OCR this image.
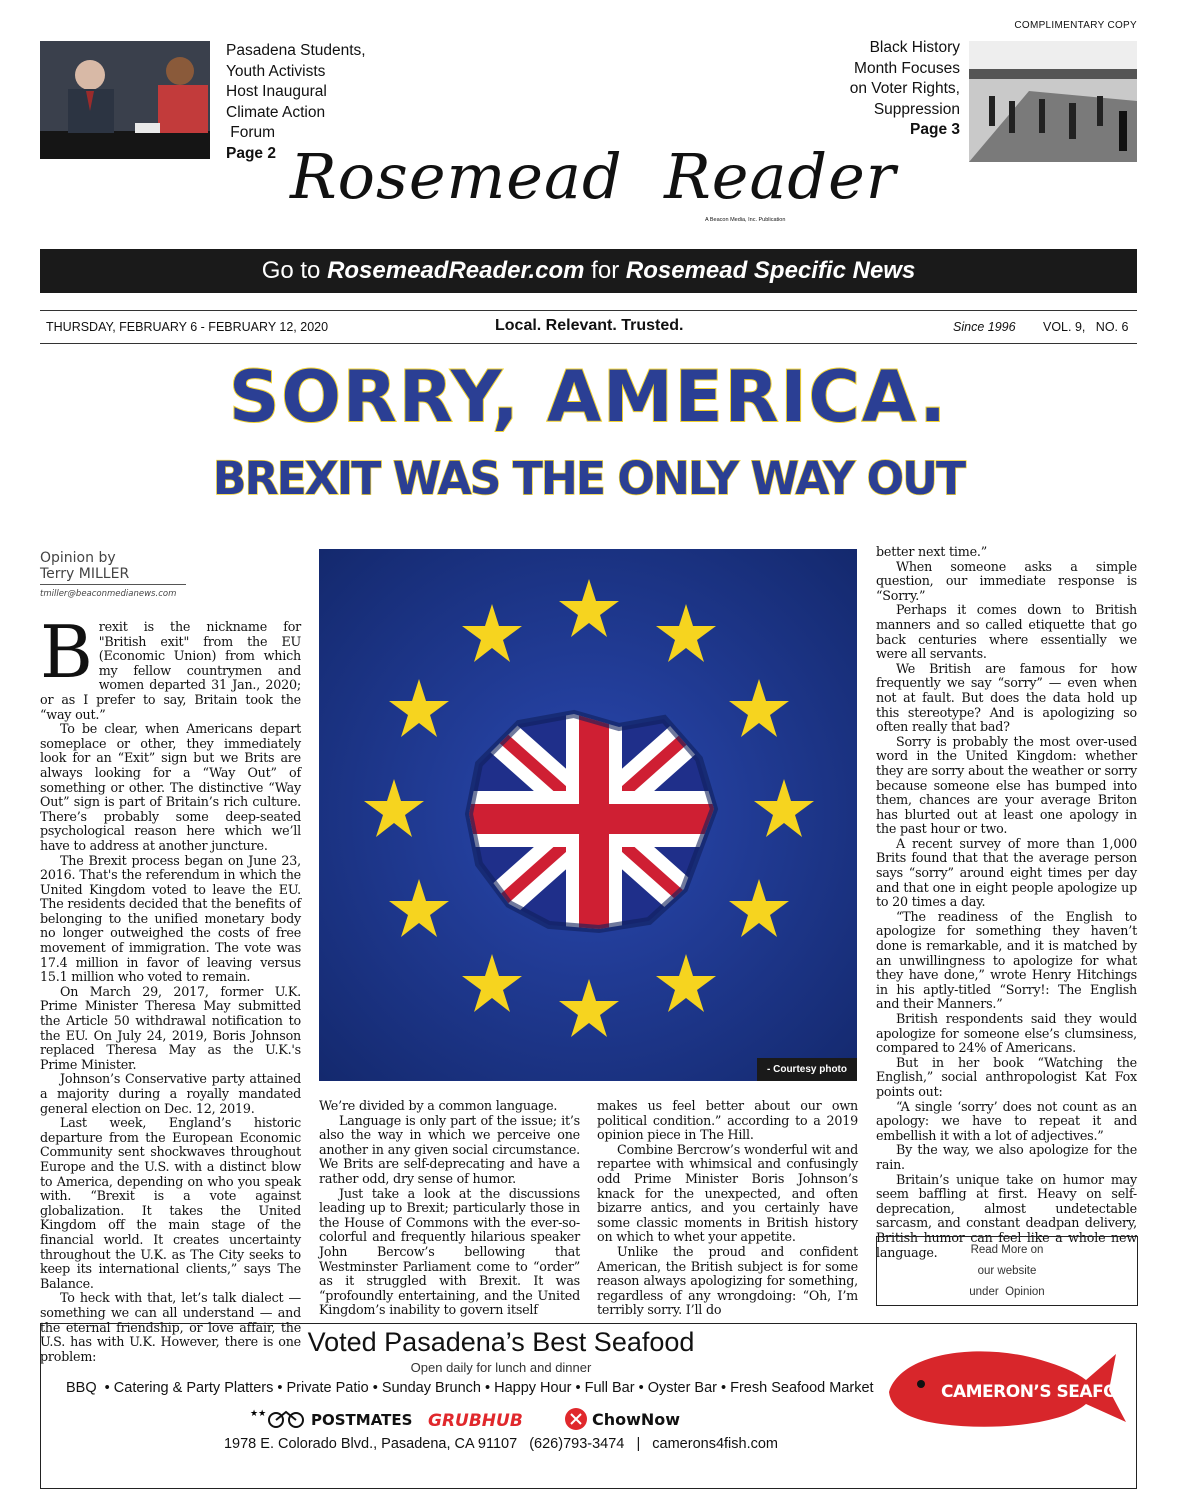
Pasadena Students,
Youth Activists
Host Inaugural
Climate Action
Forum
Page 2
COMPLIMENTARY COPY
Black History
Month Focuses
on Voter Rights,
Suppression
Page 3
Rosemead  Reader
A Beacon Media, Inc. Publication
Go to RosemeadReader.com for Rosemead Specific News
THURSDAY, FEBRUARY 6 - FEBRUARY 12, 2020	Local. Relevant. Trusted.	Since 1996 VOL. 9,   NO. 6
SORRY, AMERICA.
BREXIT WAS THE ONLY WAY OUT
Opinion by
Terry MILLER
tmiller@beaconmedianews.com

Brexit is the nickname for "British exit" from the EU (Economic Union) from which my fellow countrymen and women departed 31 Jan., 2020; or as I prefer to say, Britain took the “way out.”

To be clear, when Americans depart someplace or other, they immediately look for an “Exit” sign but we Brits are always looking for a “Way Out” of something or other. The distinctive “Way Out” sign is part of Britain’s rich culture. There’s probably some deep-seated psychological reason here which we’ll have to address at another juncture.

The Brexit process began on June 23, 2016. That's the referendum in which the United Kingdom voted to leave the EU. The residents decided that the benefits of belonging to the unified monetary body no longer outweighed the costs of free movement of immigration. The vote was 17.4 million in favor of leaving versus 15.1 million who voted to remain.

On March 29, 2017, former U.K. Prime Minister Theresa May submitted the Article 50 withdrawal notification to the EU. On July 24, 2019, Boris Johnson replaced Theresa May as the U.K.'s Prime Minister.

Johnson’s Conservative party attained a majority during a royally mandated general election on Dec. 12, 2019.

Last week, England’s historic departure from the European Economic Community sent shockwaves throughout Europe and the U.S. with a distinct blow to America, depending on who you speak with. “Brexit is a vote against globalization. It takes the United Kingdom off the main stage of the financial world. It creates uncertainty throughout the U.K. as The City seeks to keep its international clients,” says The Balance.

To heck with that, let’s talk dialect — something we can all understand — and the eternal friendship, or love affair, the U.S. has with U.K. However, there is one problem:

- Courtesy photo

We’re divided by a common language.

Language is only part of the issue; it’s also the way in which we perceive one another in any given social circumstance. We Brits are self-deprecating and have a rather odd, dry sense of humor.

Just take a look at the discussions leading up to Brexit; particularly those in the House of Commons with the ever-so-colorful and frequently hilarious speaker John Bercow’s bellowing that Westminster Parliament come to “order” as it struggled with Brexit. It was “profoundly entertaining, and the United Kingdom’s inability to govern itself

makes us feel better about our own political condition.” according to a 2019 opinion piece in The Hill.

Combine Bercrow’s wonderful wit and repartee with whimsical and confusingly odd Prime Minister Boris Johnson’s knack for the unexpected, and often bizarre antics, and you certainly have some classic moments in British history on which to whet your appetite.

Unlike the proud and confident American, the British subject is for some reason always apologizing for something, regardless of any wrongdoing: “Oh, I’m terribly sorry. I’ll do

better next time.”

When someone asks a simple question, our immediate response is “Sorry.”

Perhaps it comes down to British manners and so called etiquette that go back centuries where essentially we were all servants.

We British are famous for how frequently we say “sorry” — even when not at fault. But does the data hold up this stereotype? And is apologizing so often really that bad?

Sorry is probably the most over-used word in the United Kingdom: whether they are sorry about the weather or sorry because someone else has bumped into them, chances are your average Briton has blurted out at least one apology in the past hour or two.

A recent survey of more than 1,000 Brits found that that the average person says “sorry” around eight times per day and that one in eight people apologize up to 20 times a day.

“The readiness of the English to apologize for something they haven’t done is remarkable, and it is matched by an unwillingness to apologize for what they have done,” wrote Henry Hitchings in his aptly-titled “Sorry!: The English and their Manners.”

British respondents said they would apologize for someone else’s clumsiness, compared to 24% of Americans.

But in her book “Watching the English,” social anthropologist Kat Fox points out:

“A single ‘sorry’ does not count as an apology: we have to repeat it and embellish it with a lot of adjectives.”

By the way, we also apologize for the rain.

Britain’s unique take on humor may seem baffling at first. Heavy on self-deprecation, almost undetectable sarcasm, and constant deadpan delivery, British humor can feel like a whole new language.	Read More on
our website
under  Opinion
Voted Pasadena’s Best Seafood
Open daily for lunch and dinner
BBQ  • Catering & Party Platters • Private Patio • Sunday Brunch • Happy Hour • Full Bar • Oyster Bar • Fresh Seafood Market
★★	POSTMATES GRUBHUB	ChowNow
1978 E. Colorado Blvd., Pasadena, CA 91107   (626)793-3474   |   camerons4fish.com
CAMERON’S SEAFOOD
